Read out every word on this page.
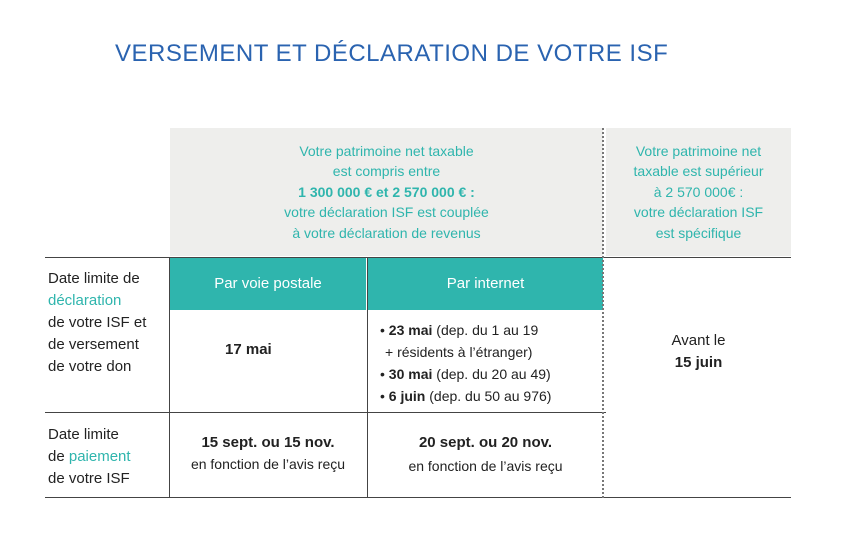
VERSEMENT ET DÉCLARATION DE VOTRE ISF
Votre patrimoine net taxable
est compris entre
1 300 000 € et 2 570 000 € :
votre déclaration ISF est couplée
à votre déclaration de revenus
Votre patrimoine net
taxable est supérieur
à 2 570 000€ :
votre déclaration ISF
est spécifique
Par voie postale	Par internet
Date limite de
déclaration
de votre ISF et
de versement
de votre don
17 mai
• 23 mai (dep. du 1 au 19
+ résidents à l’étranger)
• 30 mai (dep. du 20 au 49)
• 6 juin (dep. du 50 au 976)
Avant le
15 juin
Date limite
de paiement
de votre ISF
15 sept. ou 15 nov.
en fonction de l’avis reçu
20 sept. ou 20 nov.
en fonction de l’avis reçu
